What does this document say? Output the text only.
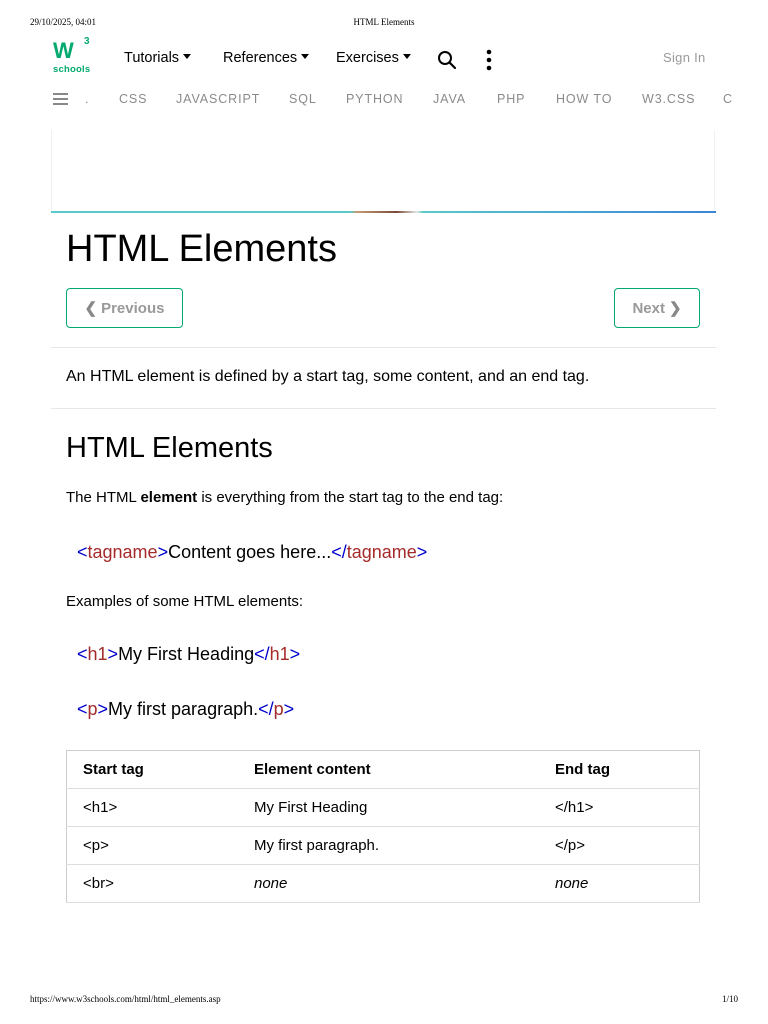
29/10/2025, 04:01	HTML Elements
W 3
schools
Tutorials	References	Exercises	Sign In
. CSS JAVASCRIPT SQL PYTHON JAVA PHP HOW TO W3.CSS C
HTML Elements
❮ Previous	Next ❯
An HTML element is defined by a start tag, some content, and an end tag.
HTML Elements
The HTML element is everything from the start tag to the end tag:
<tagname>Content goes here...</tagname>
Examples of some HTML elements:
<h1>My First Heading</h1>
<p>My first paragraph.</p>
Start tag	Element content	End tag
<h1>	My First Heading	</h1>
<p>	My first paragraph.	</p>
<br>	none	none
https://www.w3schools.com/html/html_elements.asp	1/10
